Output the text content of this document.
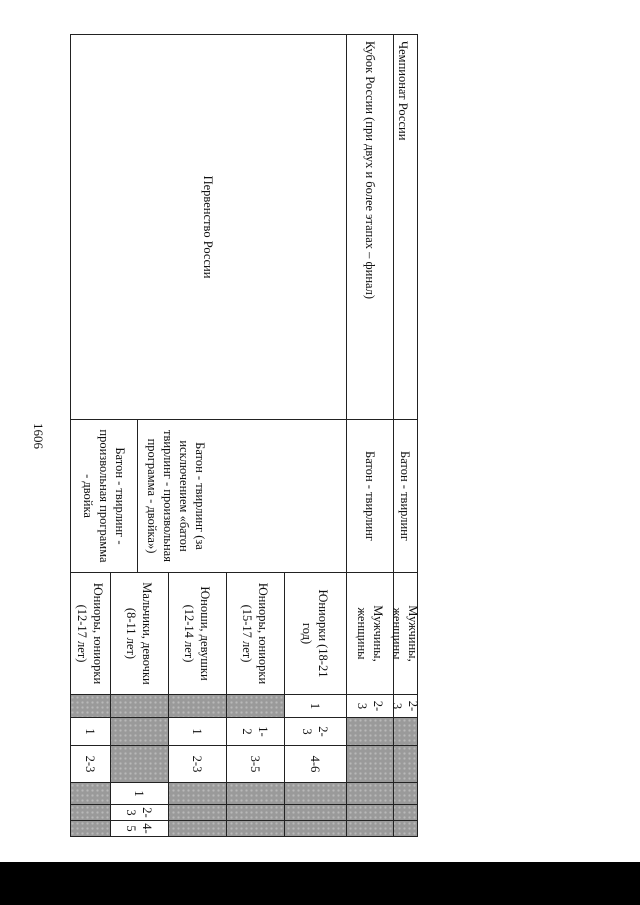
1606
Чемпионат России
Батон - твирлинг
Мужчины, женщины
2-3
Кубок России (при двух и более этапах – финал)
Батон - твирлинг
Мужчины, женщины
2-3
Первенство России
Батон - твирлинг (за исключением «батон твирлинг - произвольная программа - двойка»)
Батон - твирлинг - произвольная программа - двойка
Юниорки (18-21 год)
1
2-3
4-6
Юниоры, юниорки (15-17 лет)
1-2
3-5
Юноши, девушки (12-14 лет)
1
2-3
Мальчики, девочки (8-11 лет)
1
2-3
4-5
Юниоры, юниорки (12-17 лет)
1
2-3
